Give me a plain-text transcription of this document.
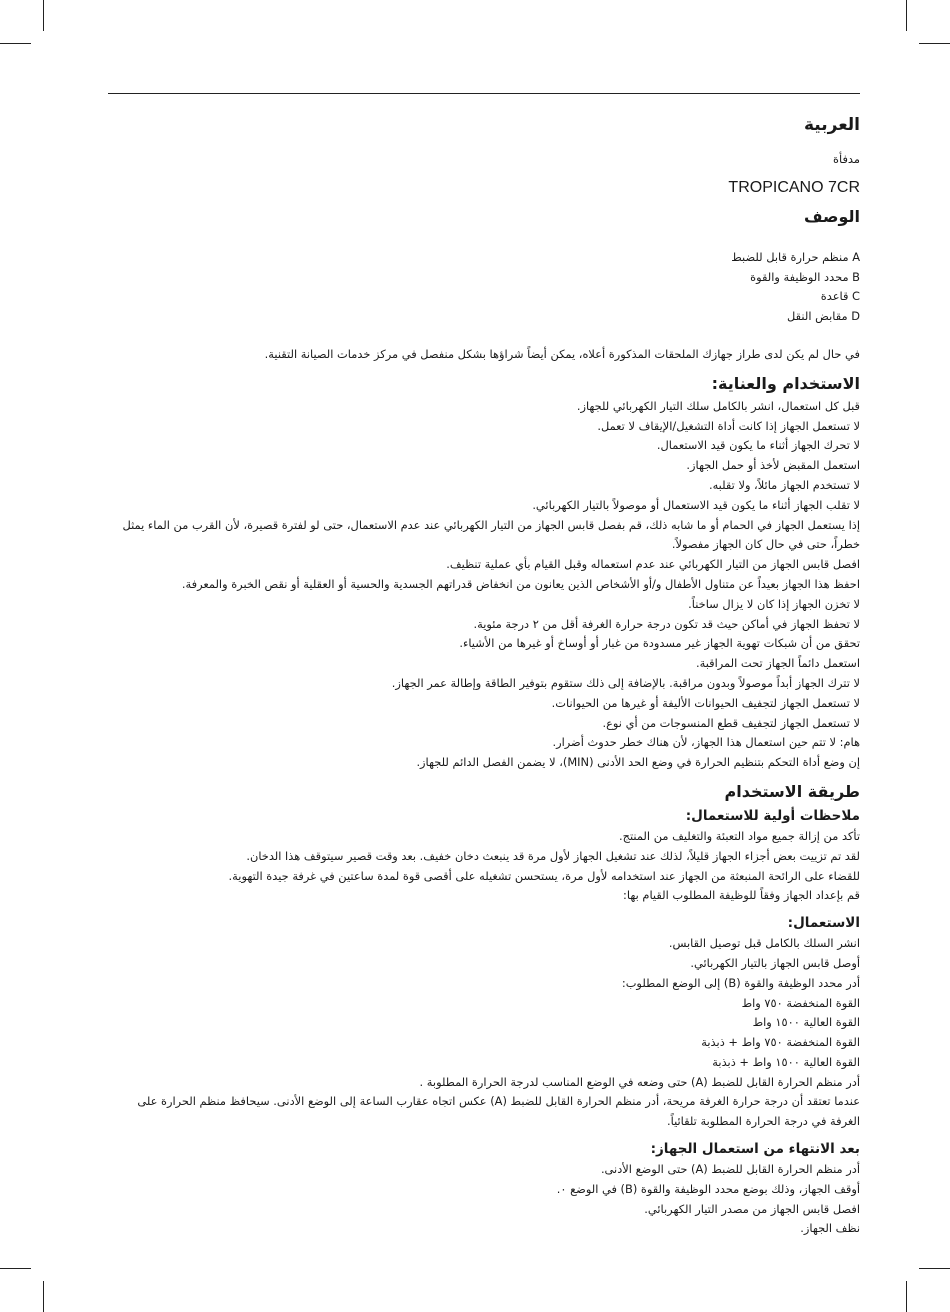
العربية

مدفأة

TROPICANO 7CR

الوصف

A منظم حرارة قابل للضبط

B محدد الوظيفة والقوة

C قاعدة

D مقابض النقل

في حال لم يكن لدى طراز جهازك الملحقات المذكورة أعلاه، يمكن أيضاً شراؤها بشكل منفصل في مركز خدمات الصيانة التقنية.

الاستخدام والعناية:

قبل كل استعمال، انشر بالكامل سلك التيار الكهربائي للجهاز.

لا تستعمل الجهاز إذا كانت أداة التشغيل/الإيقاف لا تعمل.

لا تحرك الجهاز أثناء ما يكون قيد الاستعمال.

استعمل المقبض لأخذ أو حمل الجهاز.

لا تستخدم الجهاز مائلاً، ولا تقلبه.

لا تقلب الجهاز أثناء ما يكون قيد الاستعمال أو موصولاً بالتيار الكهربائي.

إذا يستعمل الجهاز في الحمام أو ما شابه ذلك، قم بفصل قابس الجهاز من التيار الكهربائي عند عدم الاستعمال، حتى لو لفترة قصيرة، لأن القرب من الماء يمثل خطراً، حتى في حال كان الجهاز مفصولاً.

افصل قابس الجهاز من التيار الكهربائي عند عدم استعماله وقبل القيام بأي عملية تنظيف.

احفظ هذا الجهاز بعيداً عن متناول الأطفال و/أو الأشخاص الذين يعانون من انخفاض قدراتهم الجسدية والحسية أو العقلية أو نقص الخبرة والمعرفة.

لا تخزن الجهاز إذا كان لا يزال ساخناً.

لا تحفظ الجهاز في أماكن حيث قد تكون درجة حرارة الغرفة أقل من ٢ درجة مئوية.

تحقق من أن شبكات تهوية الجهاز غير مسدودة من غبار أو أوساخ أو غيرها من الأشياء.

استعمل دائماً الجهاز تحت المراقبة.

لا تترك الجهاز أبداً موصولاً وبدون مراقبة. بالإضافة إلى ذلك ستقوم بتوفير الطاقة وإطالة عمر الجهاز.

لا تستعمل الجهاز لتجفيف الحيوانات الأليفة أو غيرها من الحيوانات.

لا تستعمل الجهاز لتجفيف قطع المنسوجات من أي نوع.

هام: لا تتم حين استعمال هذا الجهاز، لأن هناك خطر حدوث أضرار.

إن وضع أداة التحكم بتنظيم الحرارة في وضع الحد الأدنى (MIN)، لا يضمن الفصل الدائم للجهاز.

طريقة الاستخدام
ملاحظات أولية للاستعمال:

تأكد من إزالة جميع مواد التعبئة والتغليف من المنتج.

لقد تم تزييت بعض أجزاء الجهاز قليلاً، لذلك عند تشغيل الجهاز لأول مرة قد ينبعث دخان خفيف. بعد وقت قصير سيتوقف هذا الدخان.

للقضاء على الرائحة المنبعثة من الجهاز عند استخدامه لأول مرة، يستحسن تشغيله على أقصى قوة لمدة ساعتين في غرفة جيدة التهوية.

قم بإعداد الجهاز وفقاً للوظيفة المطلوب القيام بها:

الاستعمال:

انشر السلك بالكامل قبل توصيل القابس.

أوصل قابس الجهاز بالتيار الكهربائي.

أدر محدد الوظيفة والقوة (B) إلى الوضع المطلوب:

القوة المنخفضة ٧٥٠ واط

القوة العالية ١٥٠٠ واط

القوة المنخفضة ٧٥٠ واط + ذبذبة

القوة العالية ١٥٠٠ واط + ذبذبة

أدر منظم الحرارة القابل للضبط (A) حتى وضعه في الوضع المناسب لدرجة الحرارة المطلوبة .

عندما تعتقد أن درجة حرارة الغرفة مريحة، أدر منظم الحرارة القابل للضبط (A) عكس اتجاه عقارب الساعة إلى الوضع الأدنى. سيحافظ منظم الحرارة على الغرفة في درجة الحرارة المطلوبة تلقائياً.

بعد الانتهاء من استعمال الجهاز:

أدر منظم الحرارة القابل للضبط (A) حتى الوضع الأدنى.

أوقف الجهاز، وذلك بوضع محدد الوظيفة والقوة (B) في الوضع ٠.

افصل قابس الجهاز من مصدر التيار الكهربائي.

نظف الجهاز.
